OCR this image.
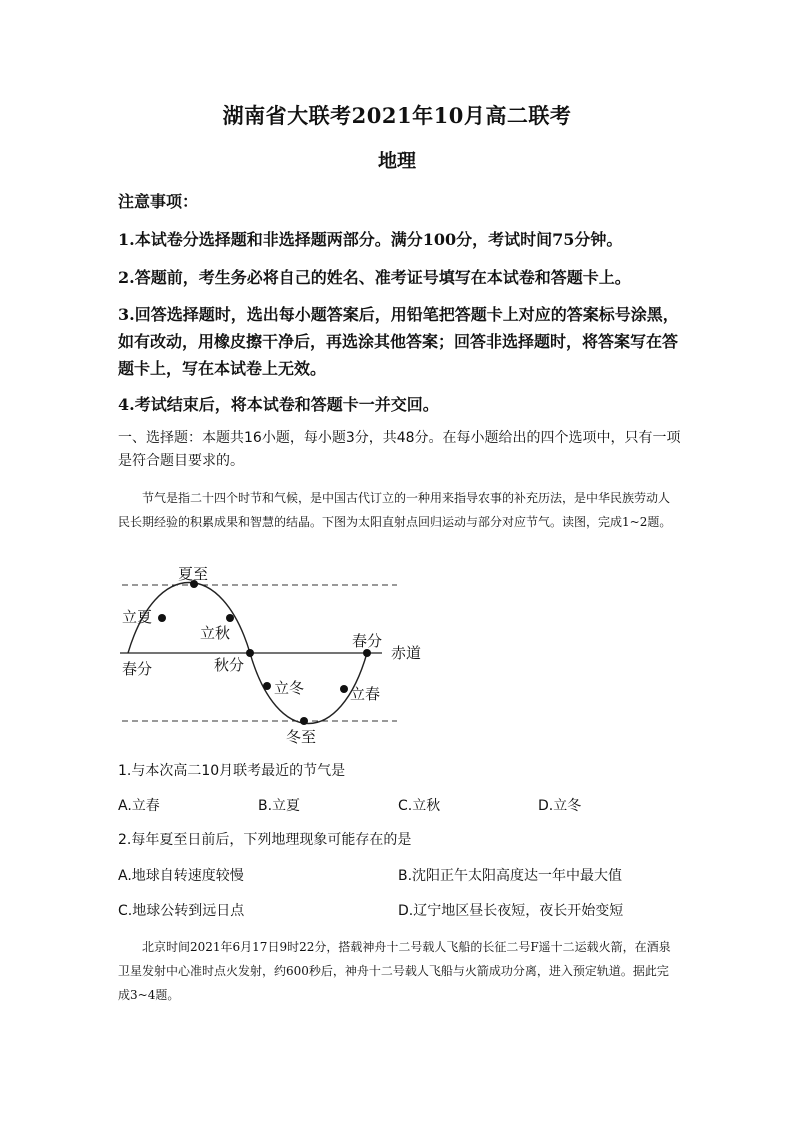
湖南省大联考2021年10月高二联考
地理
注意事项：
1.本试卷分选择题和非选择题两部分。满分100分，考试时间75分钟。
2.答题前，考生务必将自己的姓名、准考证号填写在本试卷和答题卡上。
3.回答选择题时，选出每小题答案后，用铅笔把答题卡上对应的答案标号涂黑，如有改动，用橡皮擦干净后，再选涂其他答案；回答非选择题时，将答案写在答题卡上，写在本试卷上无效。
4.考试结束后，将本试卷和答题卡一并交回。
一、选择题：本题共16小题，每小题3分，共48分。在每小题给出的四个选项中，只有一项是符合题目要求的。
节气是指二十四个时节和气候，是中国古代订立的一种用来指导农事的补充历法，是中华民族劳动人民长期经验的积累成果和智慧的结晶。下图为太阳直射点回归运动与部分对应节气。读图，完成1~2题。
夏至
立夏
立秋
春分	秋分
立冬
冬至
立春
春分
赤道
1.与本次高二10月联考最近的节气是
A.立春	B.立夏	C.立秋	D.立冬
2.每年夏至日前后，下列地理现象可能存在的是
A.地球自转速度较慢	B.沈阳正午太阳高度达一年中最大值
C.地球公转到远日点	D.辽宁地区昼长夜短，夜长开始变短
北京时间2021年6月17日9时22分，搭载神舟十二号载人飞船的长征二号F遥十二运载火箭，在酒泉卫星发射中心准时点火发射，约600秒后，神舟十二号载人飞船与火箭成功分离，进入预定轨道。据此完成3~4题。
